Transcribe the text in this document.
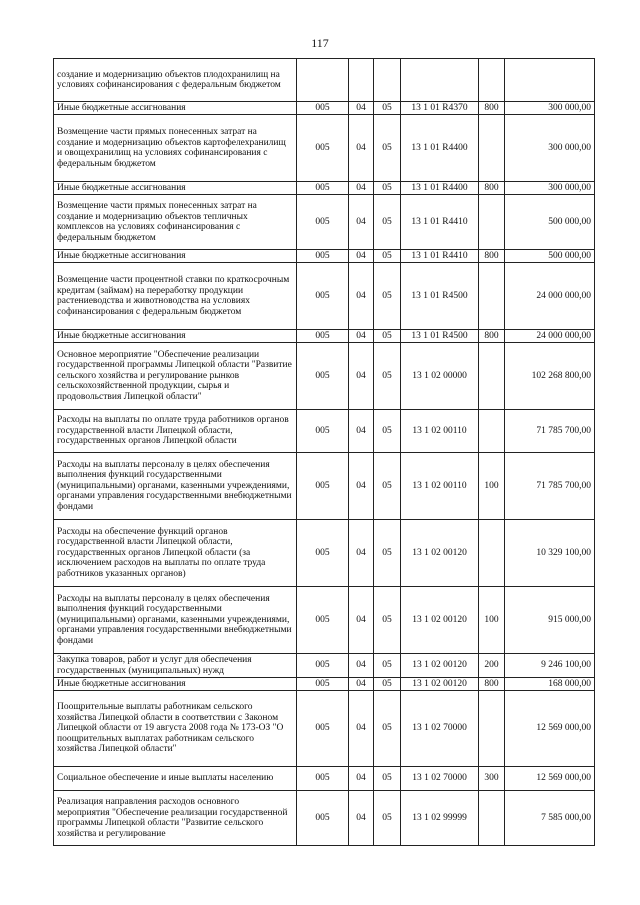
117
создание и модернизацию объектов плодохранилищ на условиях софинансирования с федеральным бюджетом						
Иные бюджетные ассигнования	005	04	05	13 1 01 R4370	800	300 000,00
Возмещение части прямых понесенных затрат на создание и модернизацию объектов картофелехранилищ и овощехранилищ на условиях софинансирования с федеральным бюджетом	005	04	05	13 1 01 R4400		300 000,00
Иные бюджетные ассигнования	005	04	05	13 1 01 R4400	800	300 000,00
Возмещение части прямых понесенных затрат на создание и модернизацию объектов тепличных комплексов на условиях софинансирования с федеральным бюджетом	005	04	05	13 1 01 R4410		500 000,00
Иные бюджетные ассигнования	005	04	05	13 1 01 R4410	800	500 000,00
Возмещение части процентной ставки по краткосрочным кредитам (займам) на переработку продукции растениеводства и животноводства на условиях софинансирования с федеральным бюджетом	005	04	05	13 1 01 R4500		24 000 000,00
Иные бюджетные ассигнования	005	04	05	13 1 01 R4500	800	24 000 000,00
Основное мероприятие "Обеспечение реализации государственной программы Липецкой области "Развитие сельского хозяйства и регулирование рынков сельскохозяйственной продукции, сырья и продовольствия Липецкой области"	005	04	05	13 1 02 00000		102 268 800,00
Расходы на выплаты по оплате труда работников органов государственной власти Липецкой области, государственных органов Липецкой области	005	04	05	13 1 02 00110		71 785 700,00
Расходы на выплаты персоналу в целях обеспечения выполнения функций государственными (муниципальными) органами, казенными учреждениями, органами управления государственными внебюджетными фондами	005	04	05	13 1 02 00110	100	71 785 700,00
Расходы на обеспечение функций органов государственной власти Липецкой области, государственных органов Липецкой области (за исключением расходов на выплаты по оплате труда работников указанных органов)	005	04	05	13 1 02 00120		10 329 100,00
Расходы на выплаты персоналу в целях обеспечения выполнения функций государственными (муниципальными) органами, казенными учреждениями, органами управления государственными внебюджетными фондами	005	04	05	13 1 02 00120	100	915 000,00
Закупка товаров, работ и услуг для обеспечения государственных (муниципальных) нужд	005	04	05	13 1 02 00120	200	9 246 100,00
Иные бюджетные ассигнования	005	04	05	13 1 02 00120	800	168 000,00
Поощрительные выплаты работникам сельского хозяйства Липецкой области в соответствии с Законом Липецкой области от 19 августа 2008 года № 173-ОЗ "О поощрительных выплатах работникам сельского хозяйства Липецкой области"	005	04	05	13 1 02 70000		12 569 000,00
Социальное обеспечение и иные выплаты населению	005	04	05	13 1 02 70000	300	12 569 000,00
Реализация направления расходов основного мероприятия "Обеспечение реализации государственной программы Липецкой области "Развитие сельского хозяйства и регулирование	005	04	05	13 1 02 99999		7 585 000,00
